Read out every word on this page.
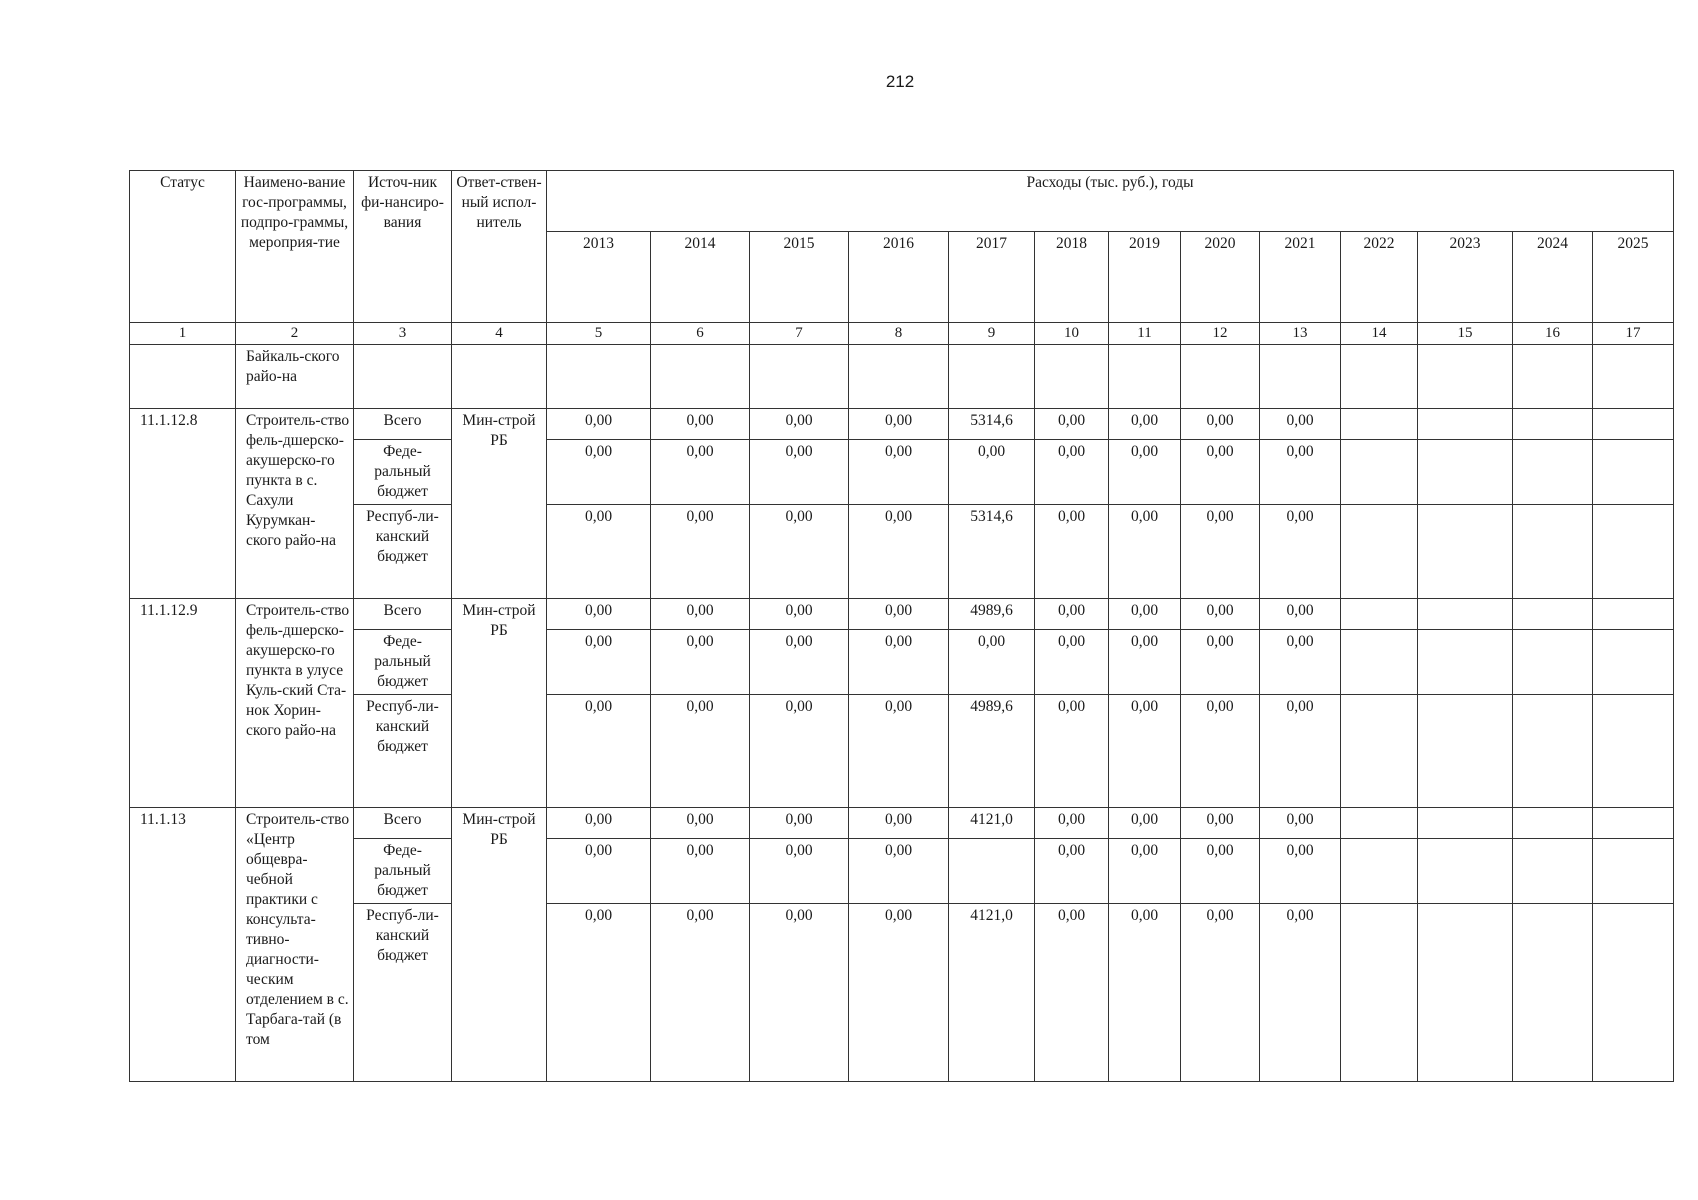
212
Статус	Наимено-вание гос-программы, подпро-граммы, мероприя-тие	Источ-ник фи-нансиро-вания	Ответ-ствен-ный испол-нитель	Расходы (тыс. руб.), годы												
				2013	2014	2015	2016	2017	2018	2019	2020	2021	2022	2023	2024	2025
1	2	3	4	5	6	7	8	9	10	11	12	13	14	15	16	17
	Байкаль-ского райо-на															
11.1.12.8	Строитель-ство фель-дшерско-акушерско-го пункта в с. Сахули Курумкан-ского райо-на	Всего	Мин-строй РБ	0,00	0,00	0,00	0,00	5314,6	0,00	0,00	0,00	0,00				
		Феде-ральный бюджет		0,00	0,00	0,00	0,00	0,00	0,00	0,00	0,00	0,00				
		Респуб-ли-канский бюджет		0,00	0,00	0,00	0,00	5314,6	0,00	0,00	0,00	0,00				
11.1.12.9	Строитель-ство фель-дшерско-акушерско-го пункта в улусе Куль-ский Ста-нок Хорин-ского райо-на	Всего	Мин-строй РБ	0,00	0,00	0,00	0,00	4989,6	0,00	0,00	0,00	0,00				
		Феде-ральный бюджет		0,00	0,00	0,00	0,00	0,00	0,00	0,00	0,00	0,00				
		Респуб-ли-канский бюджет		0,00	0,00	0,00	0,00	4989,6	0,00	0,00	0,00	0,00				
11.1.13	Строитель-ство «Центр общевра-чебной практики с консульта-тивно-диагности-ческим отделением в с. Тарбага-тай (в том	Всего	Мин-строй РБ	0,00	0,00	0,00	0,00	4121,0	0,00	0,00	0,00	0,00				
		Феде-ральный бюджет		0,00	0,00	0,00	0,00		0,00	0,00	0,00	0,00				
		Респуб-ли-канский бюджет		0,00	0,00	0,00	0,00	4121,0	0,00	0,00	0,00	0,00				
